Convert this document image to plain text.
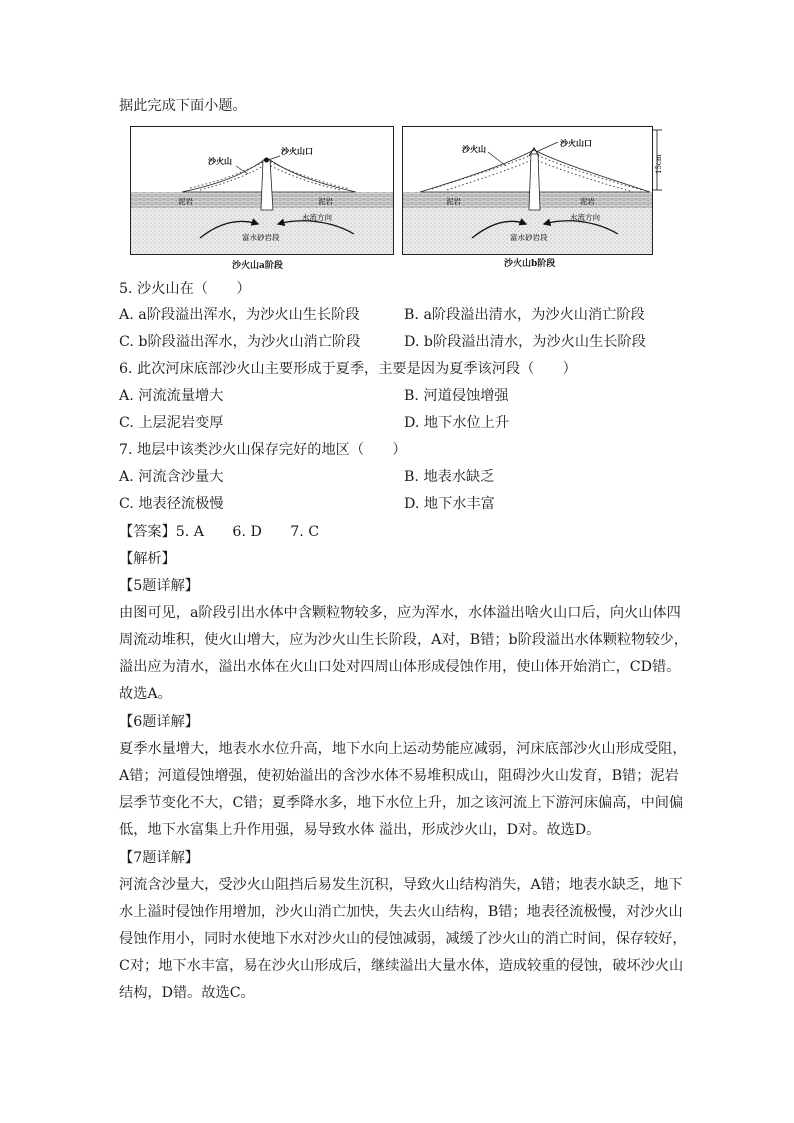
据此完成下面小题。
沙火山口
沙火山
泥岩	泥岩
水流方向
富水砂岩段
沙火山a阶段
15cm
沙火山口
沙火山
泥岩	泥岩
水流方向
富水砂岩段
沙火山b阶段
5. 沙火山在（　　）
A. a阶段溢出浑水，为沙火山生长阶段	B. a阶段溢出清水，为沙火山消亡阶段
C. b阶段溢出浑水，为沙火山消亡阶段	D. b阶段溢出清水，为沙火山生长阶段
6. 此次河床底部沙火山主要形成于夏季，主要是因为夏季该河段（　　）
A. 河流流量增大	B. 河道侵蚀增强
C. 上层泥岩变厚	D. 地下水位上升
7. 地层中该类沙火山保存完好的地区（　　）
A. 河流含沙量大	B. 地表水缺乏
C. 地表径流极慢	D. 地下水丰富
【答案】5. A　　6. D　　7. C
【解析】
【5题详解】
由图可见，a阶段引出水体中含颗粒物较多，应为浑水，水体溢出啥火山口后，向火山体四
周流动堆积，使火山增大，应为沙火山生长阶段，A对，B错；b阶段溢出水体颗粒物较少，
溢出应为清水，溢出水体在火山口处对四周山体形成侵蚀作用，使山体开始消亡，CD错。
故选A。
【6题详解】
夏季水量增大，地表水水位升高，地下水向上运动势能应减弱，河床底部沙火山形成受阻，
A错；河道侵蚀增强，使初始溢出的含沙水体不易堆积成山，阻碍沙火山发育，B错；泥岩
层季节变化不大，C错；夏季降水多，地下水位上升，加之该河流上下游河床偏高，中间偏
低，地下水富集上升作用强，易导致水体 溢出，形成沙火山，D对。故选D。
【7题详解】
河流含沙量大，受沙火山阻挡后易发生沉积，导致火山结构消失，A错；地表水缺乏，地下
水上溢时侵蚀作用增加，沙火山消亡加快，失去火山结构，B错；地表径流极慢，对沙火山
侵蚀作用小，同时水使地下水对沙火山的侵蚀减弱，减缓了沙火山的消亡时间，保存较好，
C对；地下水丰富，易在沙火山形成后，继续溢出大量水体，造成较重的侵蚀，破坏沙火山
结构，D错。故选C。
